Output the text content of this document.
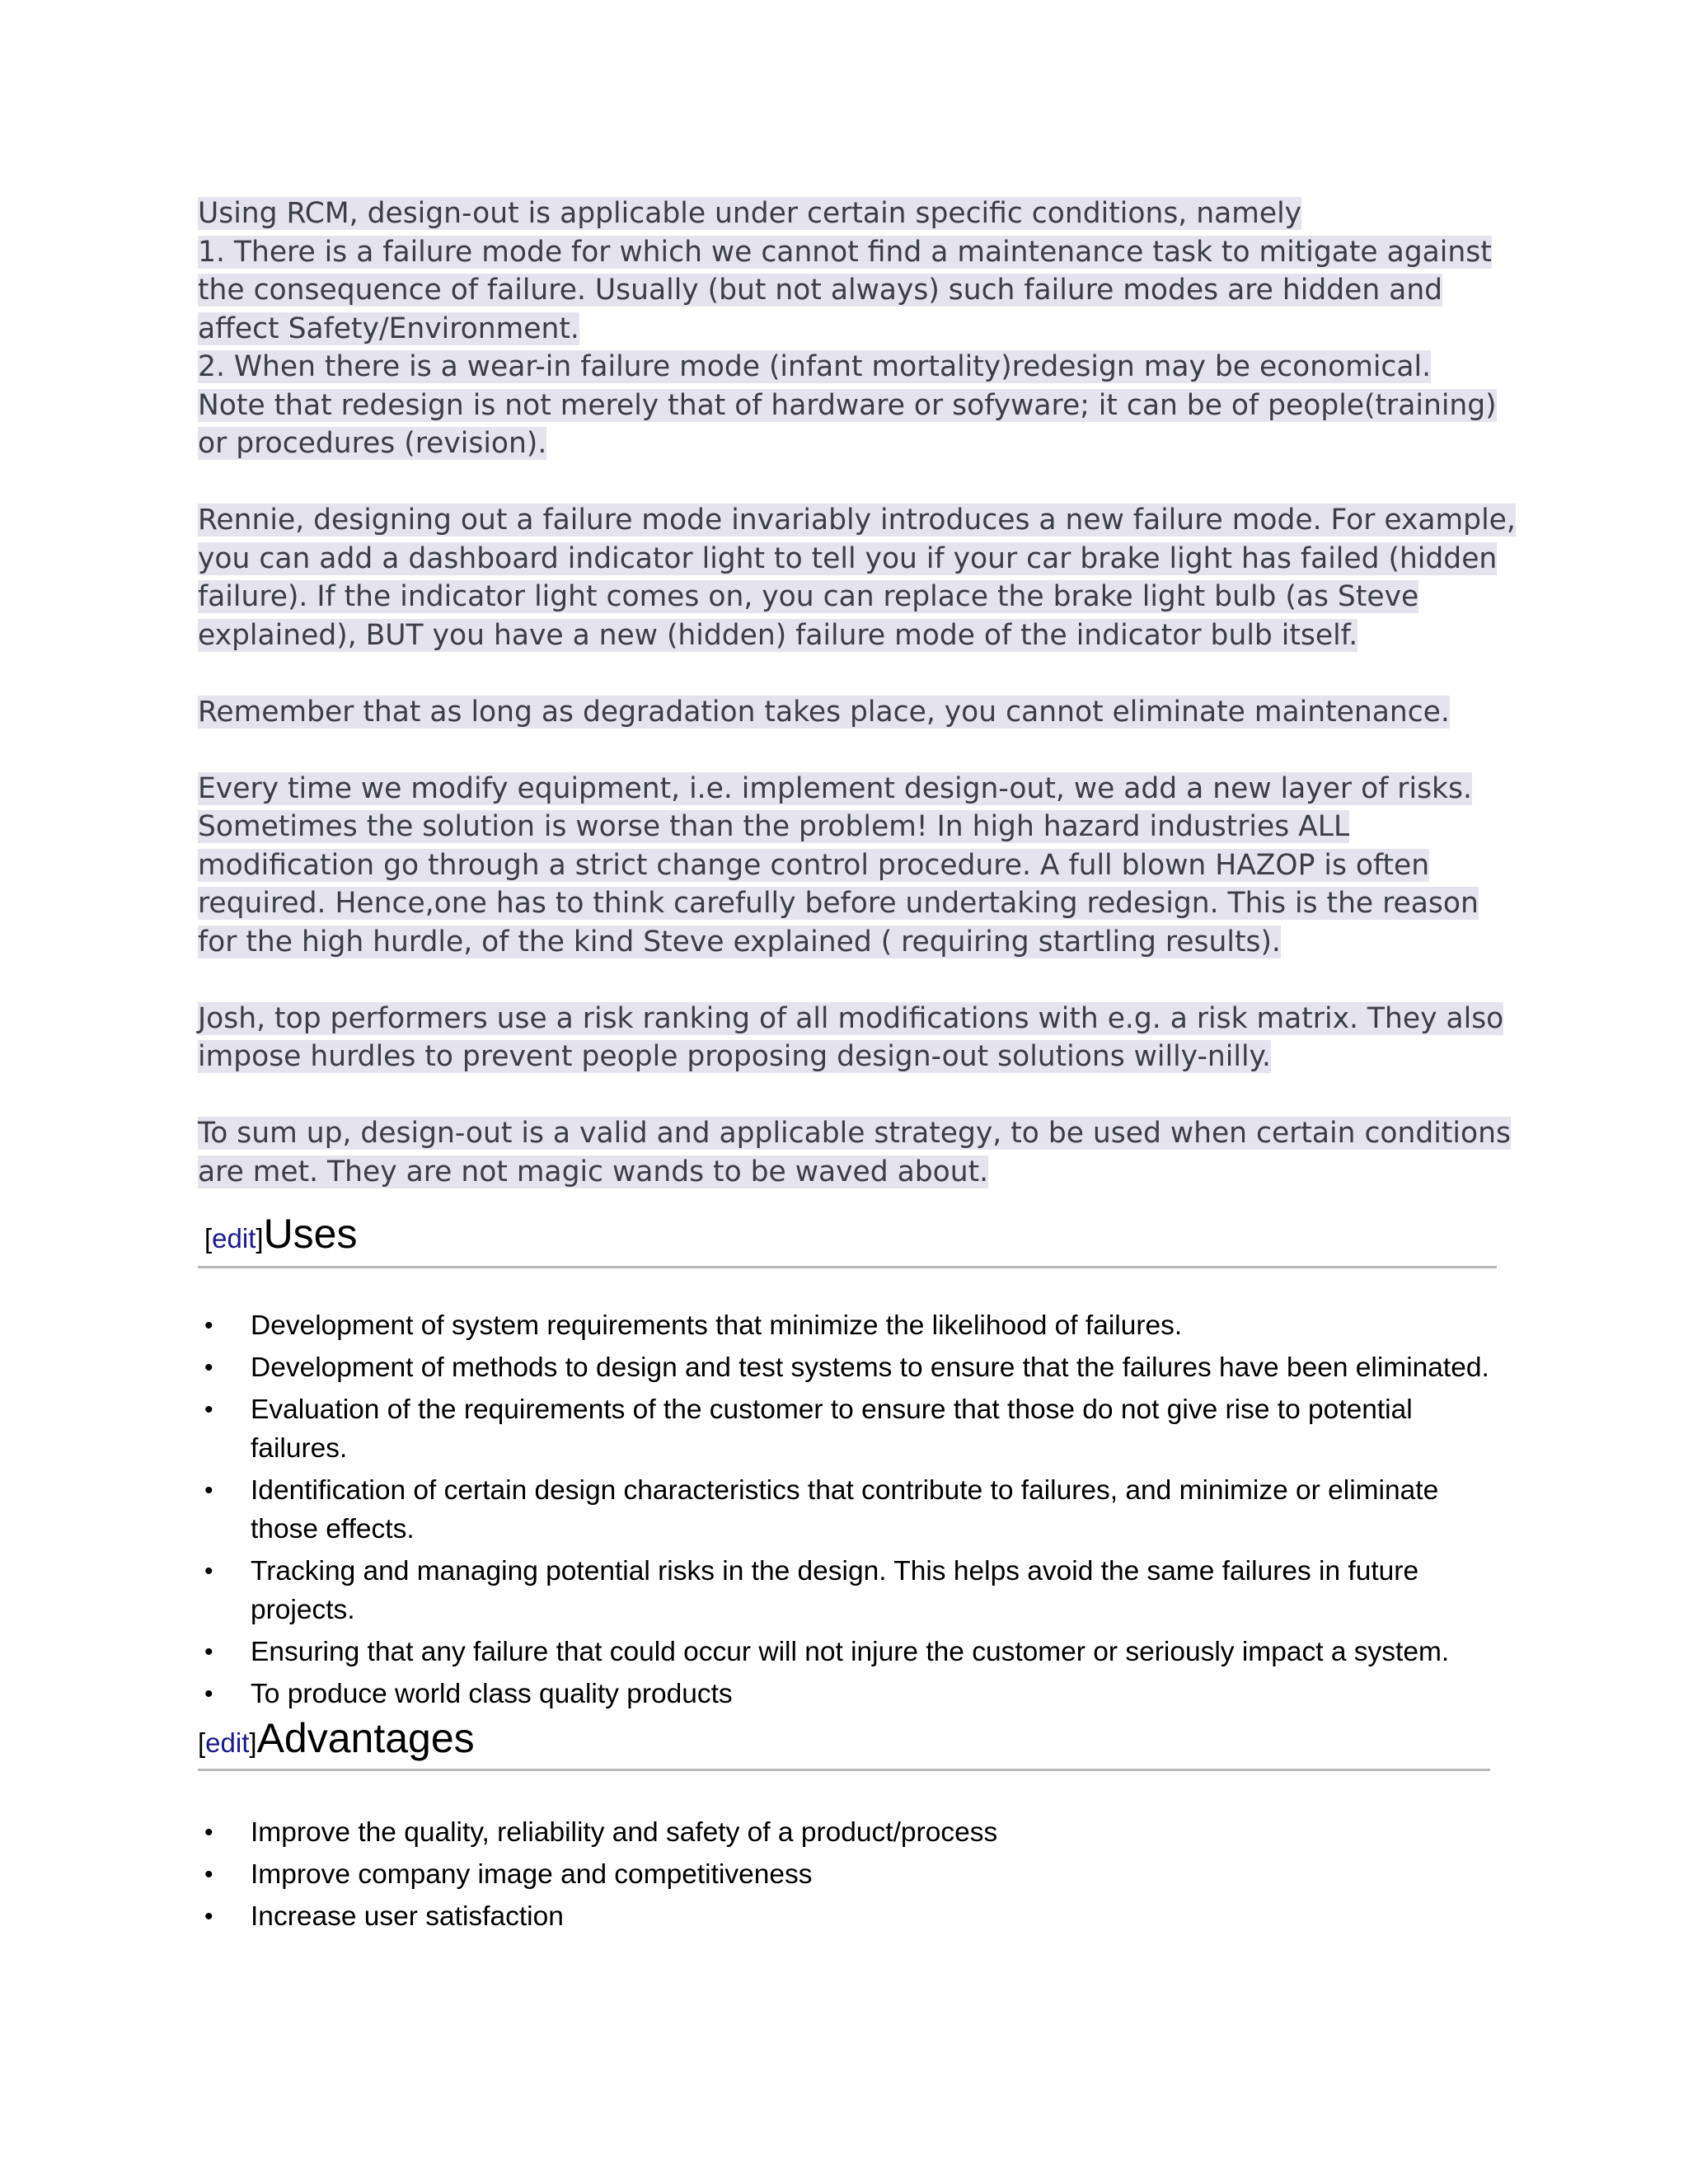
Using RCM, design-out is applicable under certain specific conditions, namely
1. There is a failure mode for which we cannot find a maintenance task to mitigate against
the consequence of failure. Usually (but not always) such failure modes are hidden and
affect Safety/Environment.
2. When there is a wear-in failure mode (infant mortality)redesign may be economical.
Note that redesign is not merely that of hardware or sofyware; it can be of people(training)
or procedures (revision).

Rennie, designing out a failure mode invariably introduces a new failure mode. For example,
you can add a dashboard indicator light to tell you if your car brake light has failed (hidden
failure). If the indicator light comes on, you can replace the brake light bulb (as Steve
explained), BUT you have a new (hidden) failure mode of the indicator bulb itself.

Remember that as long as degradation takes place, you cannot eliminate maintenance.

Every time we modify equipment, i.e. implement design-out, we add a new layer of risks.
Sometimes the solution is worse than the problem! In high hazard industries ALL
modification go through a strict change control procedure. A full blown HAZOP is often
required. Hence,one has to think carefully before undertaking redesign. This is the reason
for the high hurdle, of the kind Steve explained ( requiring startling results).

Josh, top performers use a risk ranking of all modifications with e.g. a risk matrix. They also
impose hurdles to prevent people proposing design-out solutions willy-nilly.

To sum up, design-out is a valid and applicable strategy, to be used when certain conditions
are met. They are not magic wands to be waved about.

[edit]Uses
• Development of system requirements that minimize the likelihood of failures.
• Development of methods to design and test systems to ensure that the failures have been eliminated.
• Evaluation of the requirements of the customer to ensure that those do not give rise to potential failures.
• Identification of certain design characteristics that contribute to failures, and minimize or eliminate those effects.
• Tracking and managing potential risks in the design. This helps avoid the same failures in future projects.
• Ensuring that any failure that could occur will not injure the customer or seriously impact a system.
• To produce world class quality products
[edit]Advantages
• Improve the quality, reliability and safety of a product/process
• Improve company image and competitiveness
• Increase user satisfaction
